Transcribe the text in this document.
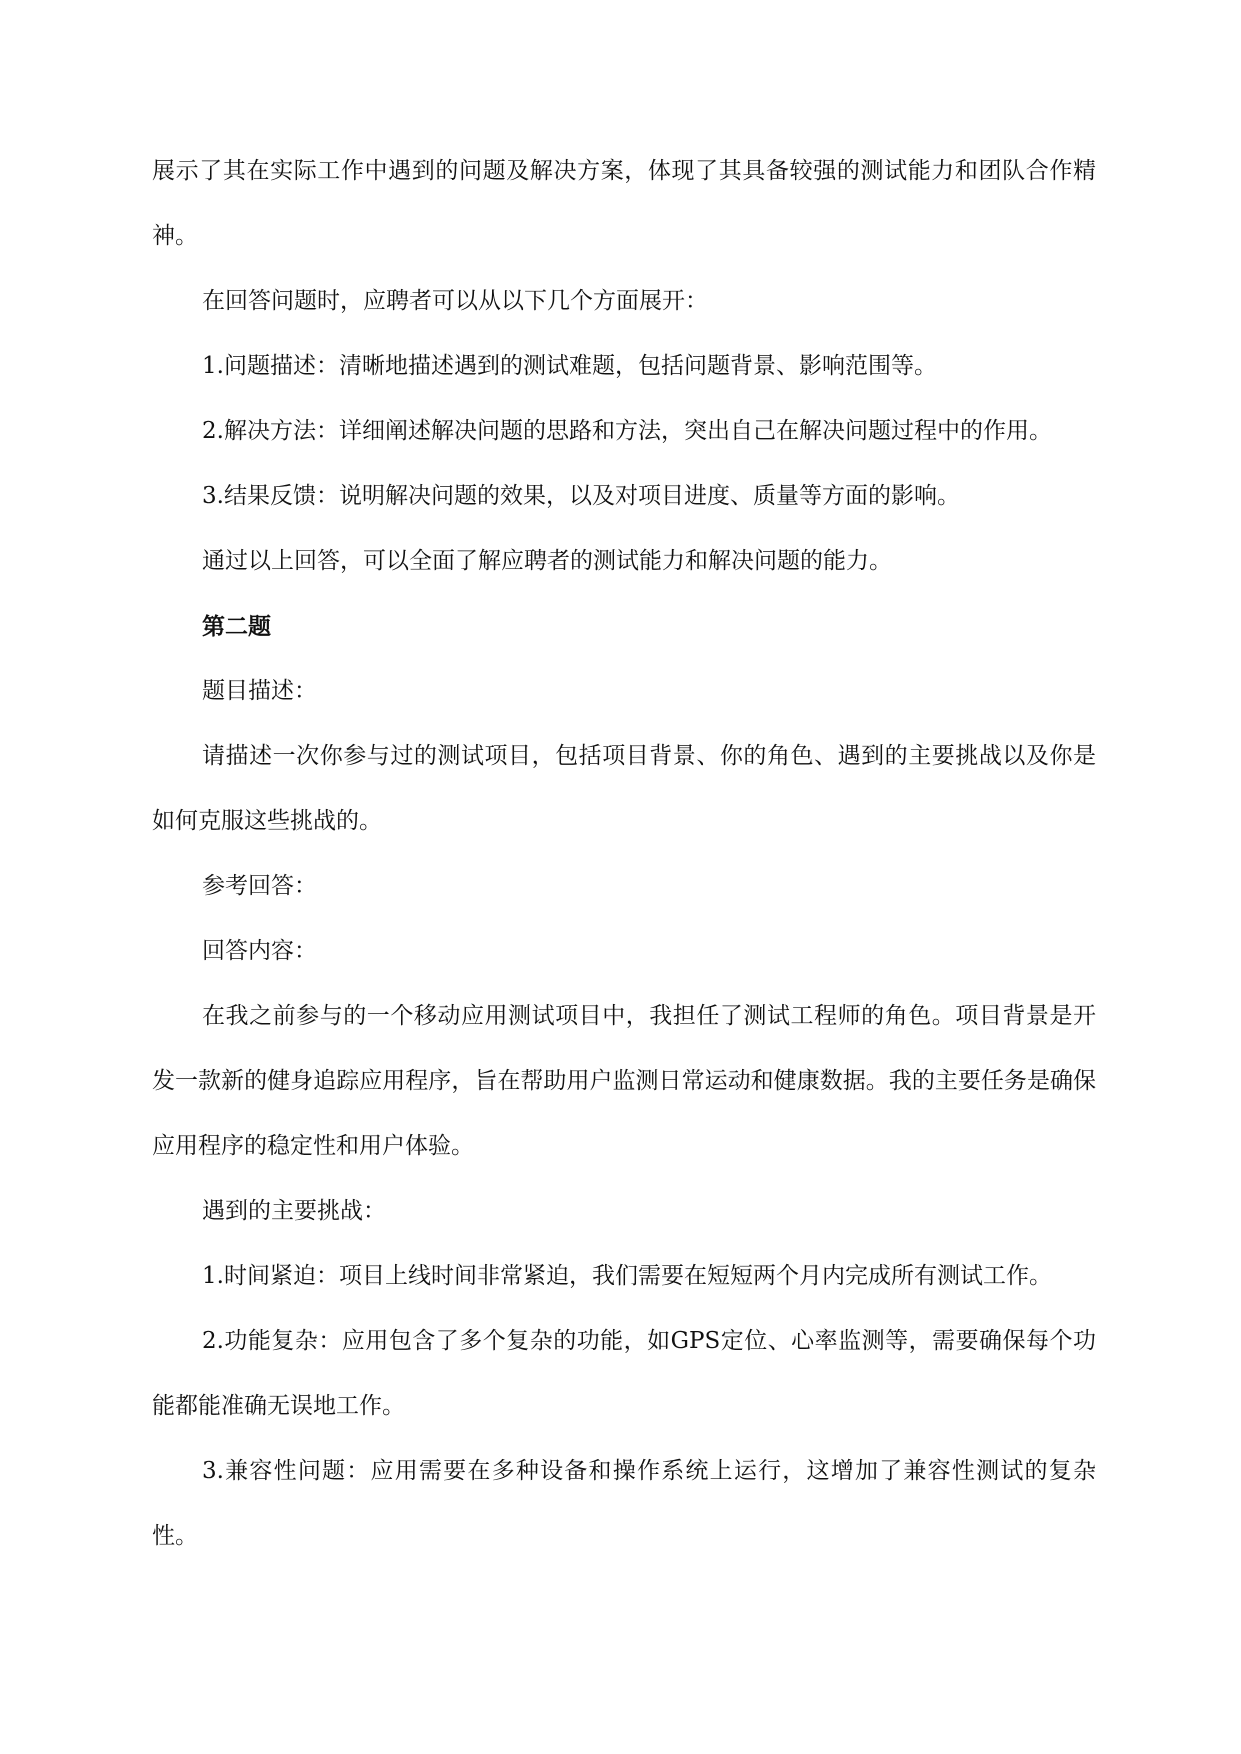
展示了其在实际工作中遇到的问题及解决方案，体现了其具备较强的测试能力和团队合作精神。

在回答问题时，应聘者可以从以下几个方面展开：

1.问题描述：清晰地描述遇到的测试难题，包括问题背景、影响范围等。

2.解决方法：详细阐述解决问题的思路和方法，突出自己在解决问题过程中的作用。

3.结果反馈：说明解决问题的效果，以及对项目进度、质量等方面的影响。

通过以上回答，可以全面了解应聘者的测试能力和解决问题的能力。

第二题

题目描述：

请描述一次你参与过的测试项目，包括项目背景、你的角色、遇到的主要挑战以及你是如何克服这些挑战的。

参考回答：

回答内容：

在我之前参与的一个移动应用测试项目中，我担任了测试工程师的角色。项目背景是开发一款新的健身追踪应用程序，旨在帮助用户监测日常运动和健康数据。我的主要任务是确保应用程序的稳定性和用户体验。

遇到的主要挑战：

1.时间紧迫：项目上线时间非常紧迫，我们需要在短短两个月内完成所有测试工作。

2.功能复杂：应用包含了多个复杂的功能，如GPS定位、心率监测等，需要确保每个功能都能准确无误地工作。

3.兼容性问题：应用需要在多种设备和操作系统上运行，这增加了兼容性测试的复杂性。
